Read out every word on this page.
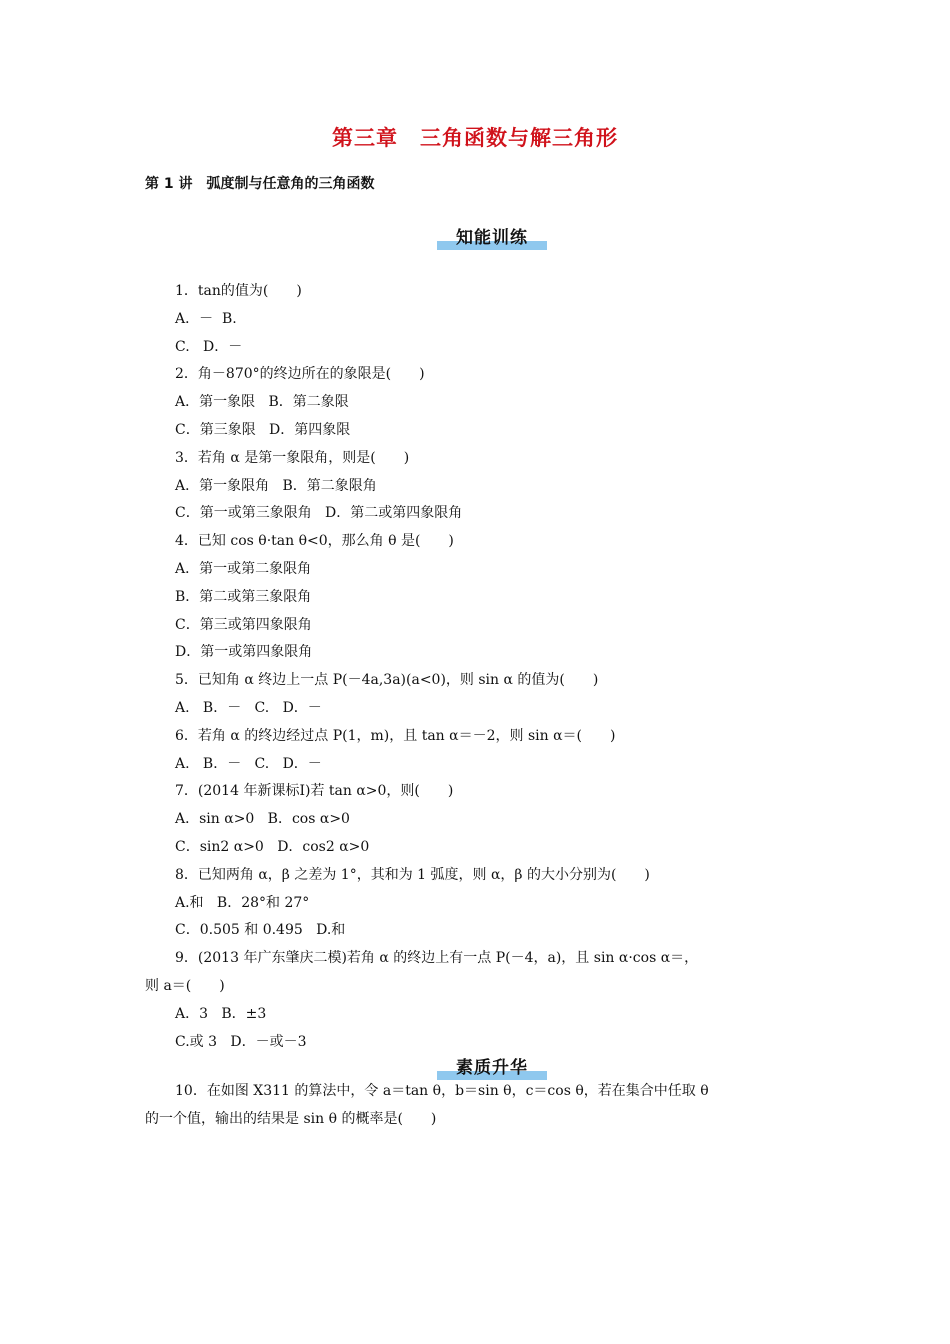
第三章　三角函数与解三角形
第 1 讲　弧度制与任意角的三角函数
知能训练
1．tan的值为(　　)
A．－  B.
C.   D．－
2．角－870°的终边所在的象限是(　　)
A．第一象限   B．第二象限
C．第三象限   D．第四象限
3．若角 α 是第一象限角，则是(　　)
A．第一象限角   B．第二象限角
C．第一或第三象限角   D．第二或第四象限角
4．已知 cos θ·tan θ<0，那么角 θ 是(　　)
A．第一或第二象限角
B．第二或第三象限角
C．第三或第四象限角
D．第一或第四象限角
5．已知角 α 终边上一点 P(－4a,3a)(a<0)，则 sin α 的值为(　　)
A.   B．－   C.   D．－
6．若角 α 的终边经过点 P(1，m)，且 tan α＝－2，则 sin α＝(　　)
A.   B．－   C.   D．－
7．(2014 年新课标Ⅰ)若 tan α>0，则(　　)
A．sin α>0   B．cos α>0
C．sin2 α>0   D．cos2 α>0
8．已知两角 α，β 之差为 1°，其和为 1 弧度，则 α，β 的大小分别为(　　)
A.和   B．28°和 27°
C．0.505 和 0.495   D.和
9．(2013 年广东肇庆二模)若角 α 的终边上有一点 P(－4，a)，且 sin α·cos α＝，
则 a＝(　　)
A．3   B．±3
C.或 3   D．－或－3
素质升华
10．在如图 X311 的算法中，令 a＝tan θ，b＝sin θ，c＝cos θ，若在集合中任取 θ
的一个值，输出的结果是 sin θ 的概率是(　　)
